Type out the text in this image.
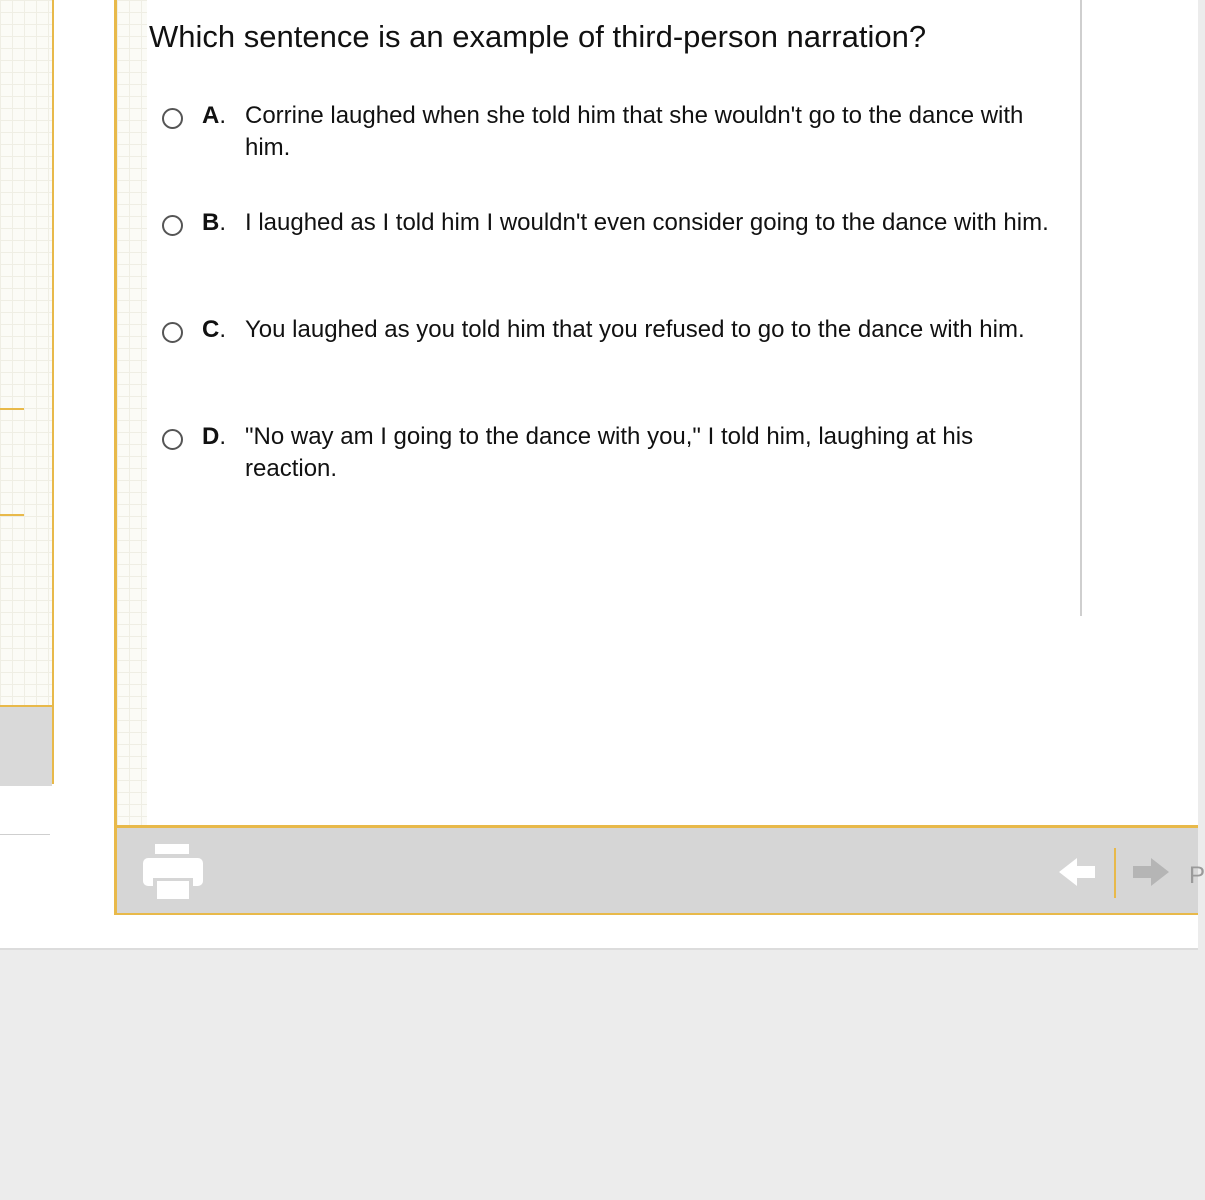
Which sentence is an example of third-person narration?
A. Corrine laughed when she told him that she wouldn't go to the dance with him.
B. I laughed as I told him I wouldn't even consider going to the dance with him.
C. You laughed as you told him that you refused to go to the dance with him.
D. "No way am I going to the dance with you," I told him, laughing at his reaction.
P
